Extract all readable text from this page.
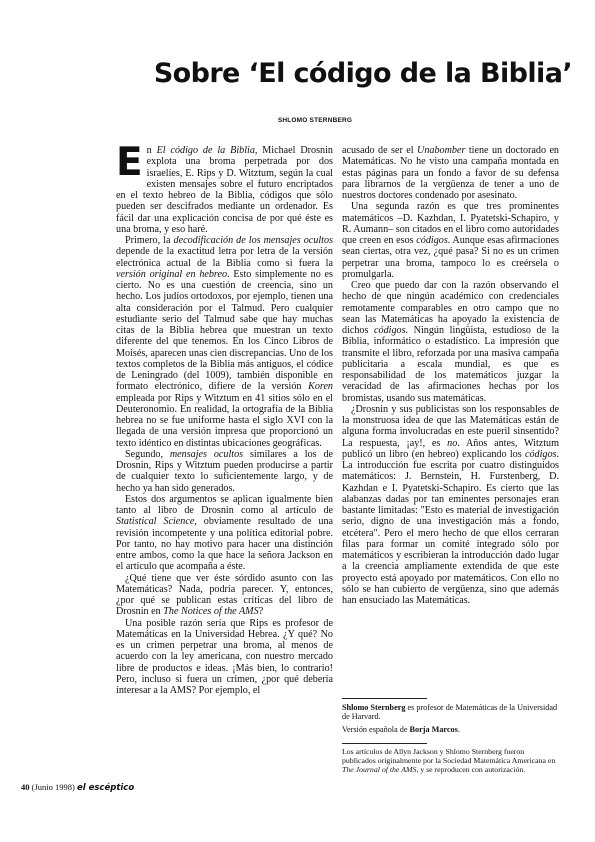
Sobre ‘El código de la Biblia’
SHLOMO STERNBERG

En El código de la Biblia, Michael Drosnin explota una broma perpetrada por dos israelíes, E. Rips y D. Witztum, según la cual existen mensajes sobre el futuro encriptados en el texto hebreo de la Biblia, códigos que sólo pueden ser descifrados mediante un ordenador. Es fácil dar una explicación concisa de por qué éste es una broma, y eso haré.

Primero, la decodificación de los mensajes ocultos depende de la exactitud letra por letra de la versión electrónica actual de la Biblia como si fuera la versión original en hebreo. Esto simplemente no es cierto. No es una cuestión de creencia, sino un hecho. Los judíos ortodoxos, por ejemplo, tienen una alta consideración por el Talmud. Pero cualquier estudiante serio del Talmud sabe que hay muchas citas de la Biblia hebrea que muestran un texto diferente del que tenemos. En los Cinco Libros de Moisés, aparecen unas cien discrepancias. Uno de los textos completos de la Biblia más antiguos, el códice de Leningrado (del 1009), también disponible en formato electrónico, difiere de la versión Koren empleada por Rips y Witztum en 41 sitios sólo en el Deuteronomio. En realidad, la ortografía de la Biblia hebrea no se fue uniforme hasta el siglo XVI con la llegada de una versión impresa que proporcionó un texto idéntico en distintas ubicaciones geográficas.

Segundo, mensajes ocultos similares a los de Drosnin, Rips y Witztum pueden producirse a partir de cualquier texto lo suficientemente largo, y de hecho ya han sido generados.

Estos dos argumentos se aplican igualmente bien tanto al libro de Drosnin como al artículo de Statistical Science, obviamente resultado de una revisión incompetente y una política editorial pobre. Por tanto, no hay motivo para hacer una distinción entre ambos, como la que hace la señora Jackson en el artículo que acompaña a éste.

¿Qué tiene que ver éste sórdido asunto con las Matemáticas? Nada, podría parecer. Y, entonces, ¿por qué se publican estas críticas del libro de Drosnin en The Notices of the AMS?

Una posible razón sería que Rips es profesor de Matemáticas en la Universidad Hebrea. ¿Y qué? No es un crimen perpetrar una broma, al menos de acuerdo con la ley americana, con nuestro mercado libre de productos e ideas. ¡Más bien, lo contrario! Pero, incluso si fuera un crimen, ¿por qué debería interesar a la AMS? Por ejemplo, el

acusado de ser el Unabomber tiene un doctorado en Matemáticas. No he visto una campaña montada en estas páginas para un fondo a favor de su defensa para librarnos de la vergüenza de tener a uno de nuestros doctores condenado por asesinato.

Una segunda razón es que tres prominentes matemáticos –D. Kazhdan, I. Pyatetski-Schapiro, y R. Aumann– son citados en el libro como autoridades que creen en esos códigos. Aunque esas afirmaciones sean ciertas, otra vez, ¿qué pasa? Si no es un crimen perpetrar una broma, tampoco lo es creérsela o promulgarla.

Creo que puedo dar con la razón observando el hecho de que ningún académico con credenciales remotamente comparables en otro campo que no sean las Matemáticas ha apoyado la existencia de dichos códigos. Ningún lingüista, estudioso de la Biblia, informático o estadístico. La impresión que transmite el libro, reforzada por una masiva campaña publicitaria a escala mundial, es que es responsabilidad de los matemáticos juzgar la veracidad de las afirmaciones hechas por los bromistas, usando sus matemáticas.

¿Drosnin y sus publicistas son los responsables de la monstruosa idea de que las Matemáticas están de alguna forma involucradas en este pueril sinsentido? La respuesta, ¡ay!, es no. Años antes, Witztum publicó un libro (en hebreo) explicando los códigos. La introducción fue escrita por cuatro distinguidos matemáticos: J. Bernstein, H. Furstenberg, D. Kazhdan e I. Pyatetski-Schapiro. Es cierto que las alabanzas dadas por tan eminentes personajes eran bastante limitadas: "Esto es material de investigación serio, digno de una investigación más a fondo, etcétera". Pero el mero hecho de que ellos cerraran filas para formar un comité integrado sólo por matemáticos y escribieran la introducción dado lugar a la creencia ampliamente extendida de que este proyecto está apoyado por matemáticos. Con ello no sólo se han cubierto de vergüenza, sino que además han ensuciado las Matemáticas.

Shlomo Sternberg es profesor de Matemáticas de la Universidad de Harvard.

Versión española de Borja Marcos.

Los artículos de Allyn Jackson y Shlomo Sternberg fueron publicados originalmente por la Sociedad Matemática Americana en The Journal of the AMS, y se reproducen con autorización.

40 (Junio 1998) el escéptico
